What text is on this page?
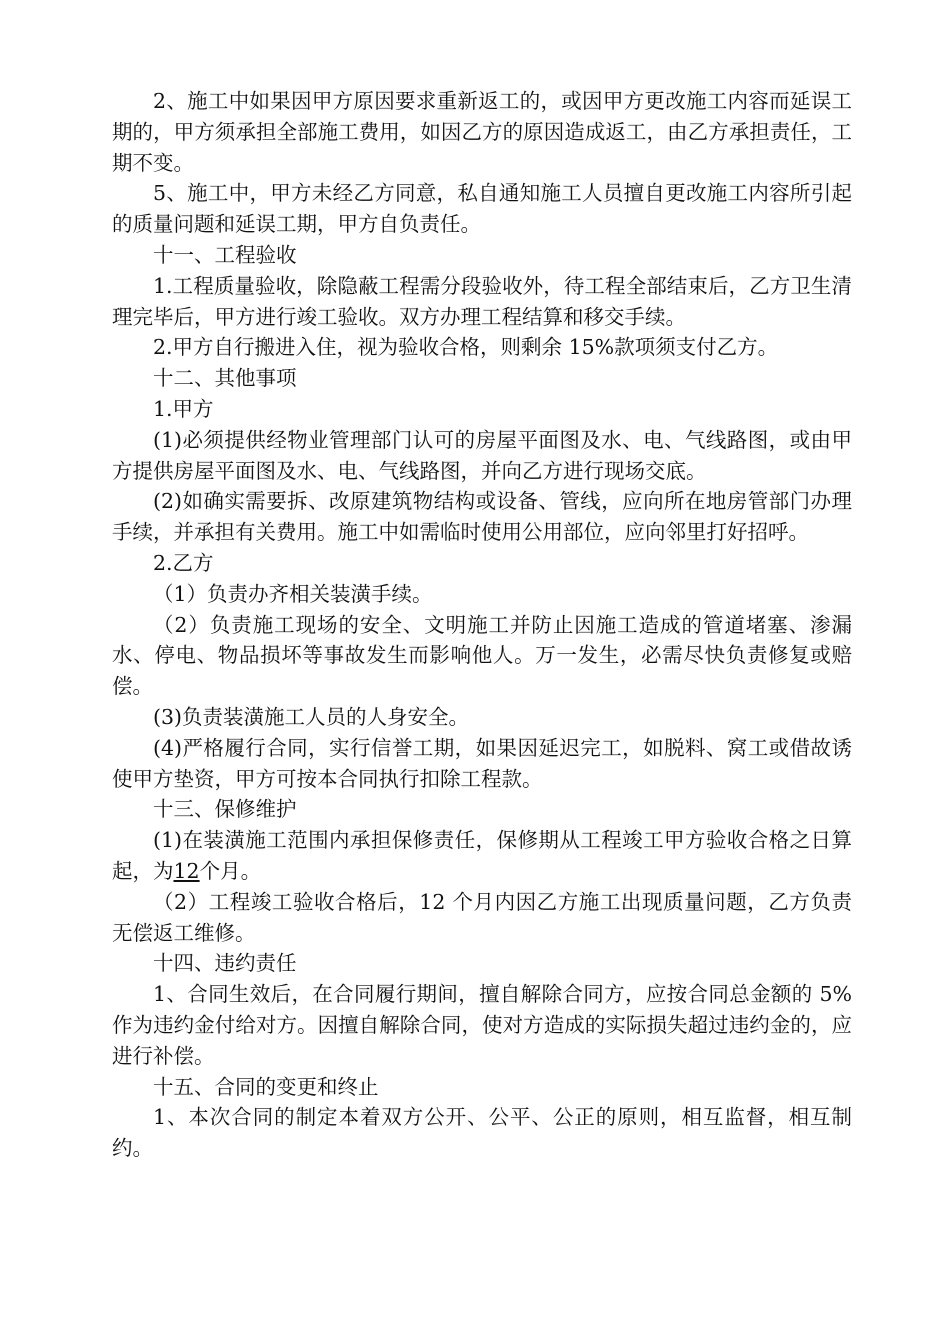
2、施工中如果因甲方原因要求重新返工的，或因甲方更改施工内容而延误工期的，甲方须承担全部施工费用，如因乙方的原因造成返工，由乙方承担责任，工期不变。

5、施工中，甲方未经乙方同意，私自通知施工人员擅自更改施工内容所引起的质量问题和延误工期，甲方自负责任。

十一、工程验收

1.工程质量验收，除隐蔽工程需分段验收外，待工程全部结束后，乙方卫生清理完毕后，甲方进行竣工验收。双方办理工程结算和移交手续。

2.甲方自行搬进入住，视为验收合格，则剩余 15%款项须支付乙方。

十二、其他事项

1.甲方

(1)必须提供经物业管理部门认可的房屋平面图及水、电、气线路图，或由甲方提供房屋平面图及水、电、气线路图，并向乙方进行现场交底。

(2)如确实需要拆、改原建筑物结构或设备、管线，应向所在地房管部门办理手续，并承担有关费用。施工中如需临时使用公用部位，应向邻里打好招呼。

2.乙方

（1）负责办齐相关装潢手续。

（2）负责施工现场的安全、文明施工并防止因施工造成的管道堵塞、渗漏水、停电、物品损坏等事故发生而影响他人。万一发生，必需尽快负责修复或赔偿。

(3)负责装潢施工人员的人身安全。

(4)严格履行合同，实行信誉工期，如果因延迟完工，如脱料、窝工或借故诱使甲方垫资，甲方可按本合同执行扣除工程款。

十三、保修维护

(1)在装潢施工范围内承担保修责任，保修期从工程竣工甲方验收合格之日算起，为12个月。

（2）工程竣工验收合格后，12 个月内因乙方施工出现质量问题，乙方负责无偿返工维修。

十四、违约责任

1、合同生效后，在合同履行期间，擅自解除合同方，应按合同总金额的 5%作为违约金付给对方。因擅自解除合同，使对方造成的实际损失超过违约金的，应进行补偿。

十五、合同的变更和终止

1、本次合同的制定本着双方公开、公平、公正的原则，相互监督，相互制约。
